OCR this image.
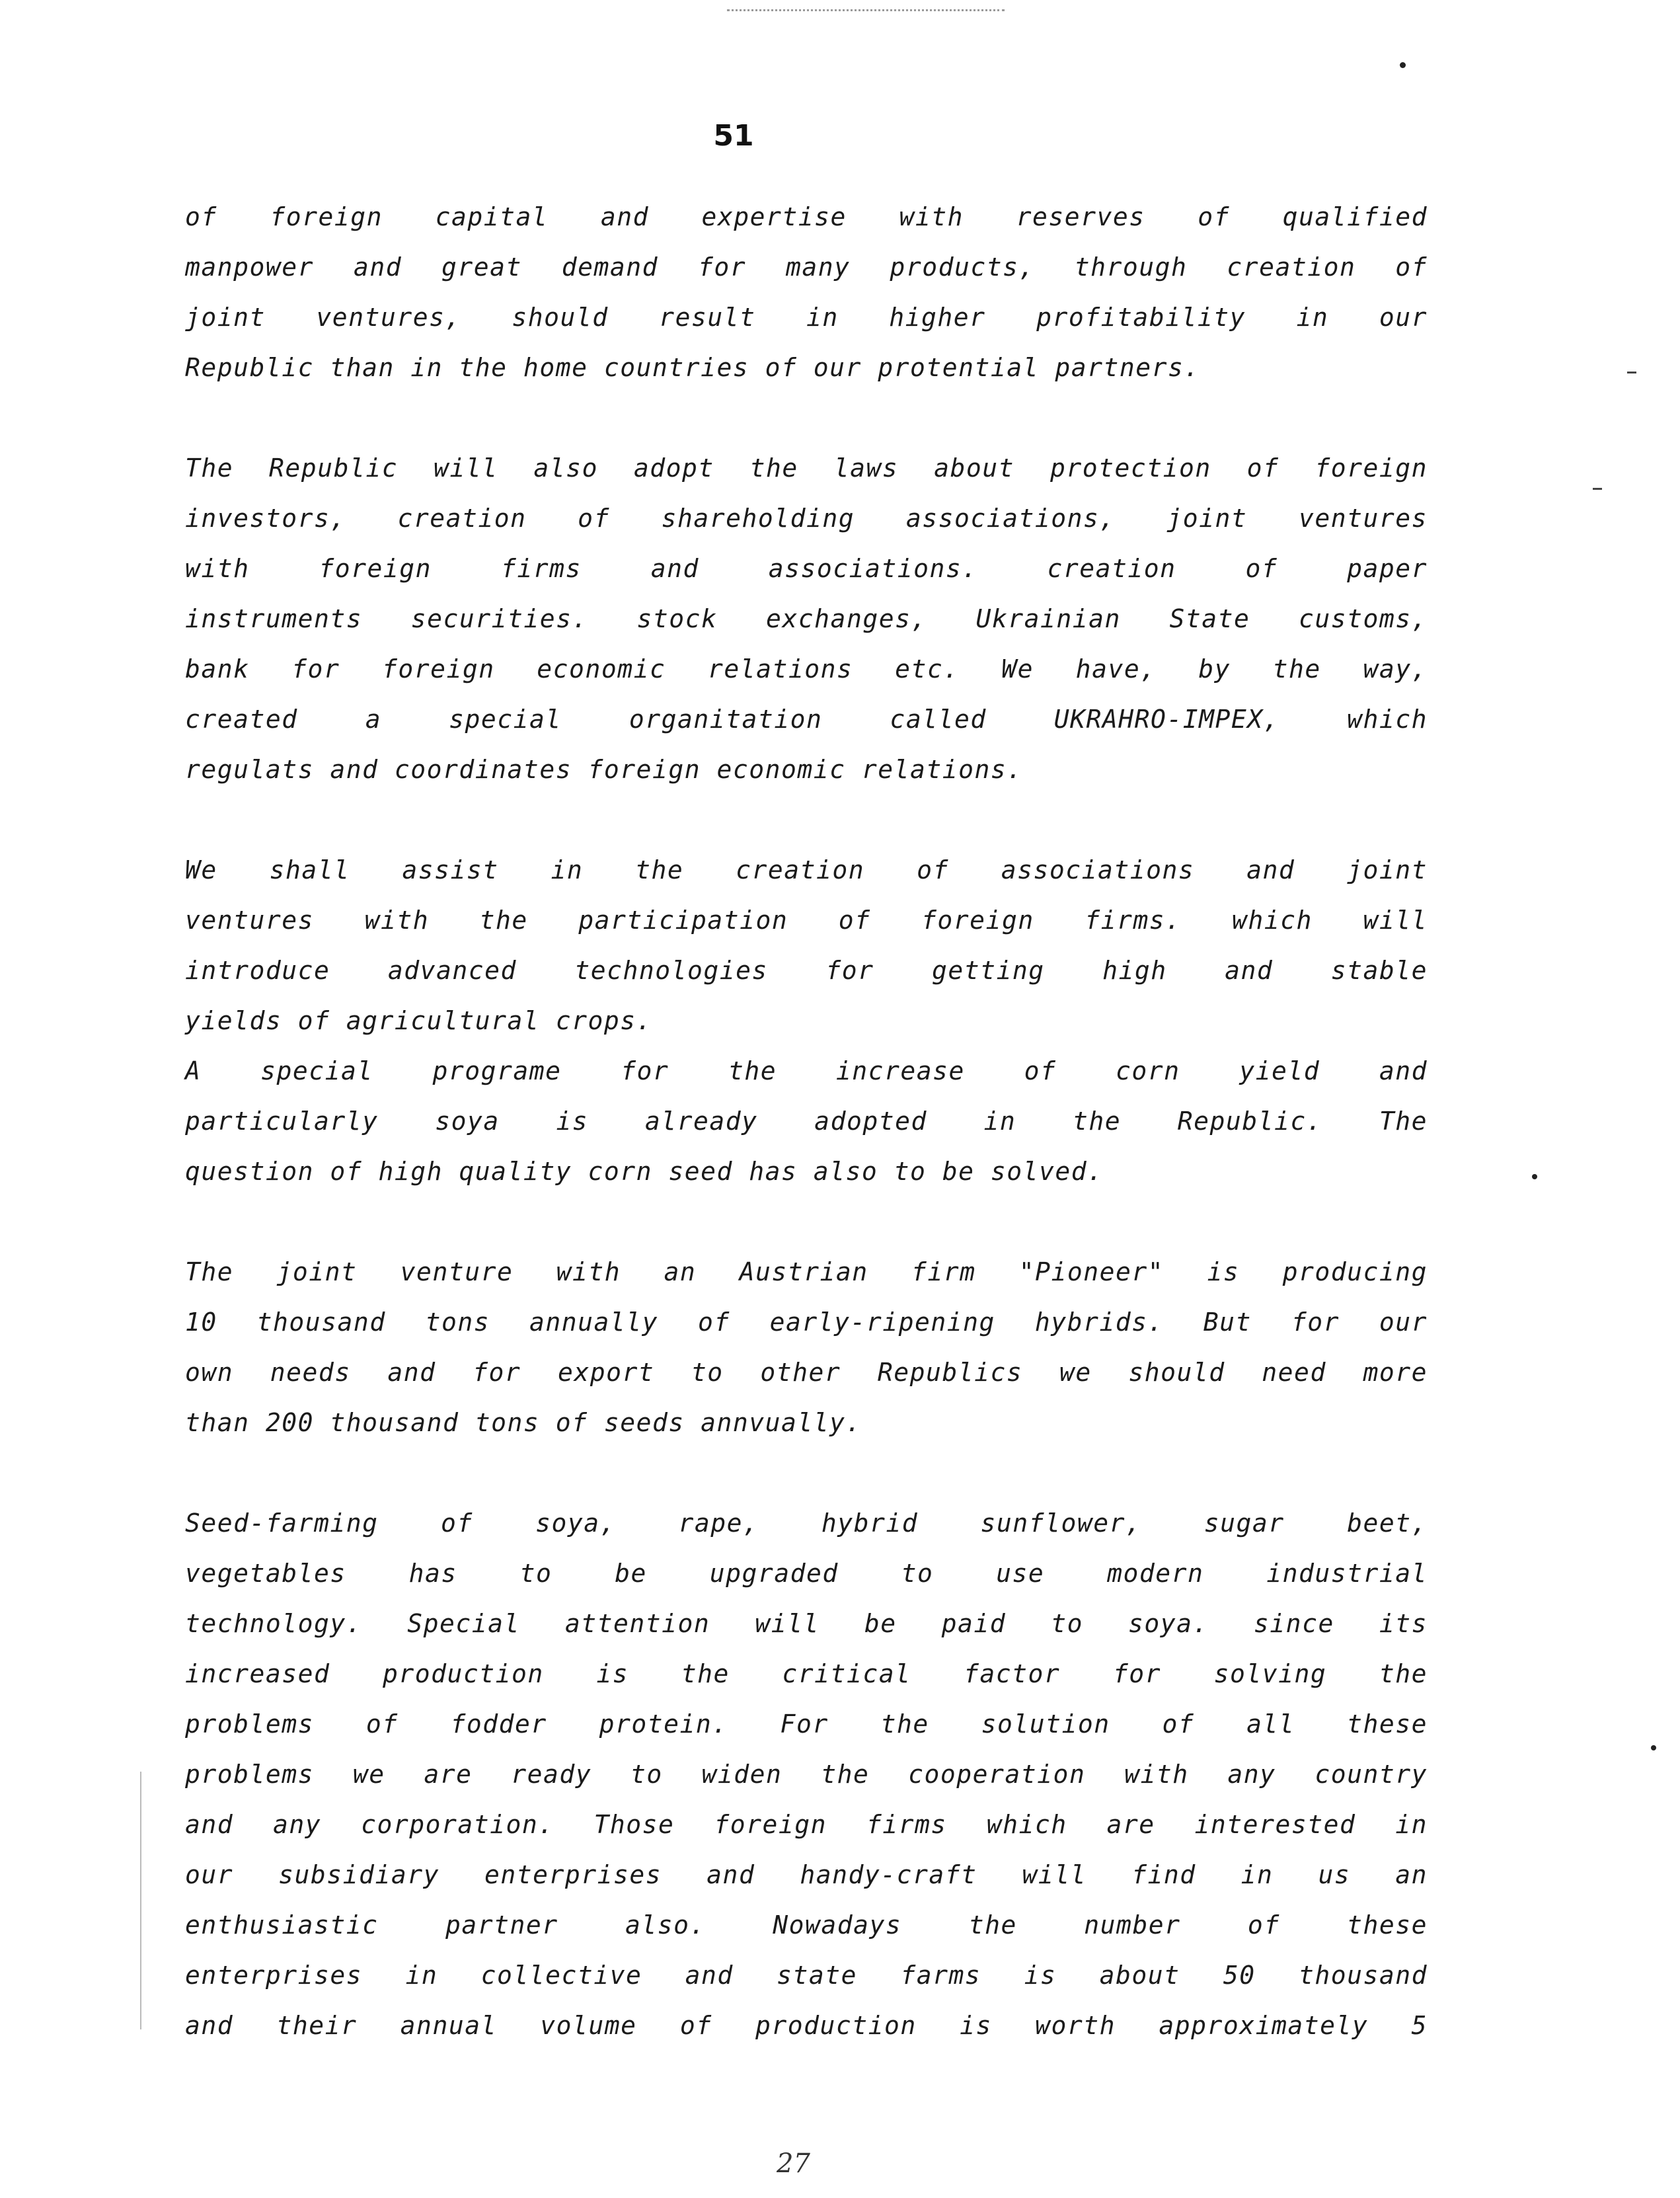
51
of foreign capital and expertise with reserves of qualified
manpower and great demand for many products, through creation of
joint ventures, should result in higher profitability in our
Republic than in the home countries of our protential partners.
The Republic will also adopt the laws about protection of foreign
investors, creation of shareholding associations, joint ventures
with foreign firms and associations. creation of paper
instruments securities. stock exchanges, Ukrainian State customs,
bank for foreign economic relations etc. We have, by the way,
created a special organitation called UKRAHRO-IMPEX, which
regulats and coordinates foreign economic relations.
We shall assist in the creation of associations and joint
ventures with the participation of foreign firms. which will
introduce advanced technologies for getting high and stable
yields of agricultural crops.
A special programe for the increase of corn yield and
particularly soya is already adopted in the Republic. The
question of high quality corn seed has also to be solved.
The joint venture with an Austrian firm "Pioneer" is producing
10 thousand tons annually of early-ripening hybrids. But for our
own needs and for export to other Republics we should need more
than 200 thousand tons of seeds annvually.
Seed-farming of soya, rape, hybrid sunflower, sugar beet,
vegetables has to be upgraded to use modern industrial
technology. Special attention will be paid to soya. since its
increased production is the critical factor for solving the
problems of fodder protein. For the solution of all these
problems we are ready to widen the cooperation with any country
and any corporation. Those foreign firms which are interested in
our subsidiary enterprises and handy-craft will find in us an
enthusiastic partner also. Nowadays the number of these
enterprises in collective and state farms is about 50 thousand
and their annual volume of production is worth approximately 5
27
